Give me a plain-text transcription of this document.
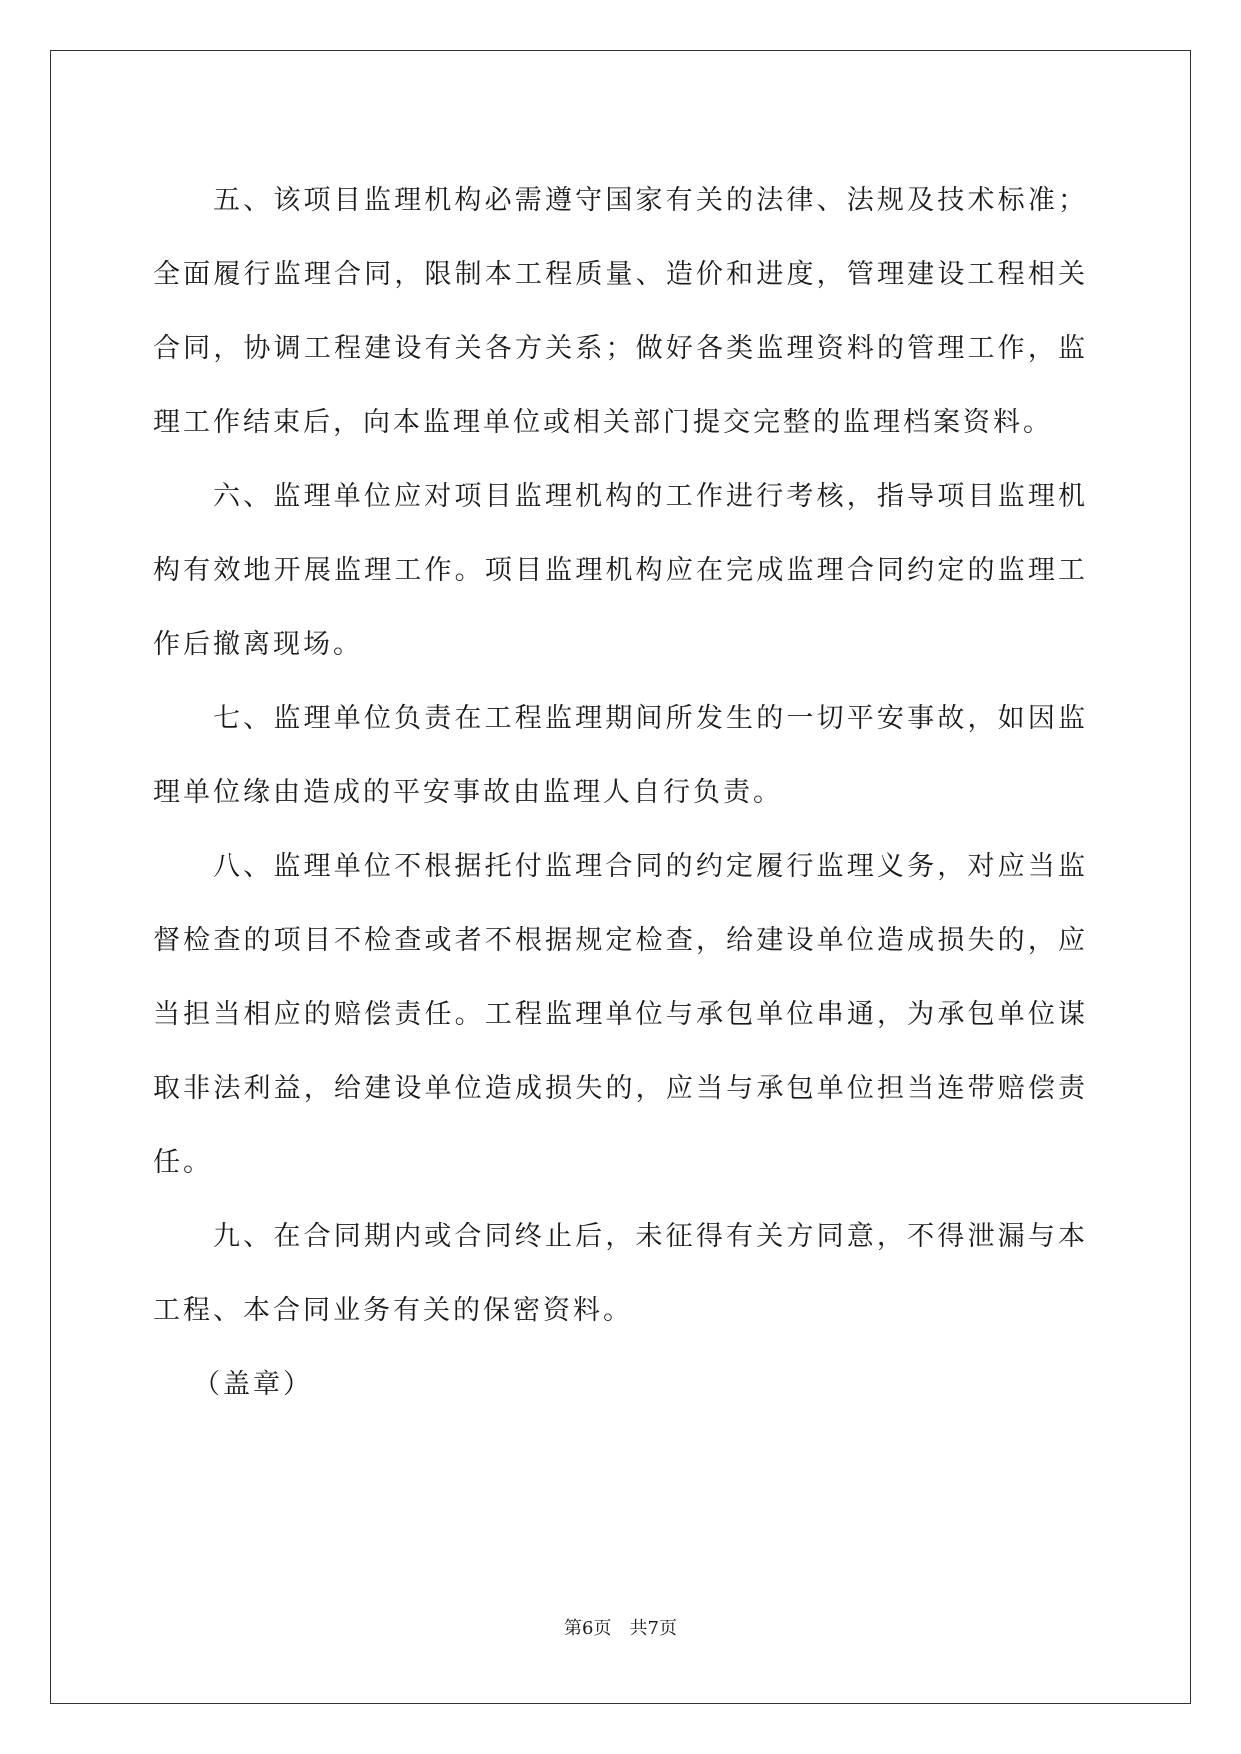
五、该项目监理机构必需遵守国家有关的法律、法规及技术标准；全面履行监理合同，限制本工程质量、造价和进度，管理建设工程相关合同，协调工程建设有关各方关系；做好各类监理资料的管理工作，监理工作结束后，向本监理单位或相关部门提交完整的监理档案资料。

六、监理单位应对项目监理机构的工作进行考核，指导项目监理机构有效地开展监理工作。项目监理机构应在完成监理合同约定的监理工作后撤离现场。

七、监理单位负责在工程监理期间所发生的一切平安事故，如因监理单位缘由造成的平安事故由监理人自行负责。

八、监理单位不根据托付监理合同的约定履行监理义务，对应当监督检查的项目不检查或者不根据规定检查，给建设单位造成损失的，应当担当相应的赔偿责任。工程监理单位与承包单位串通，为承包单位谋取非法利益，给建设单位造成损失的，应当与承包单位担当连带赔偿责任。

九、在合同期内或合同终止后，未征得有关方同意，不得泄漏与本工程、本合同业务有关的保密资料。

（盖章）

第6页　共7页
